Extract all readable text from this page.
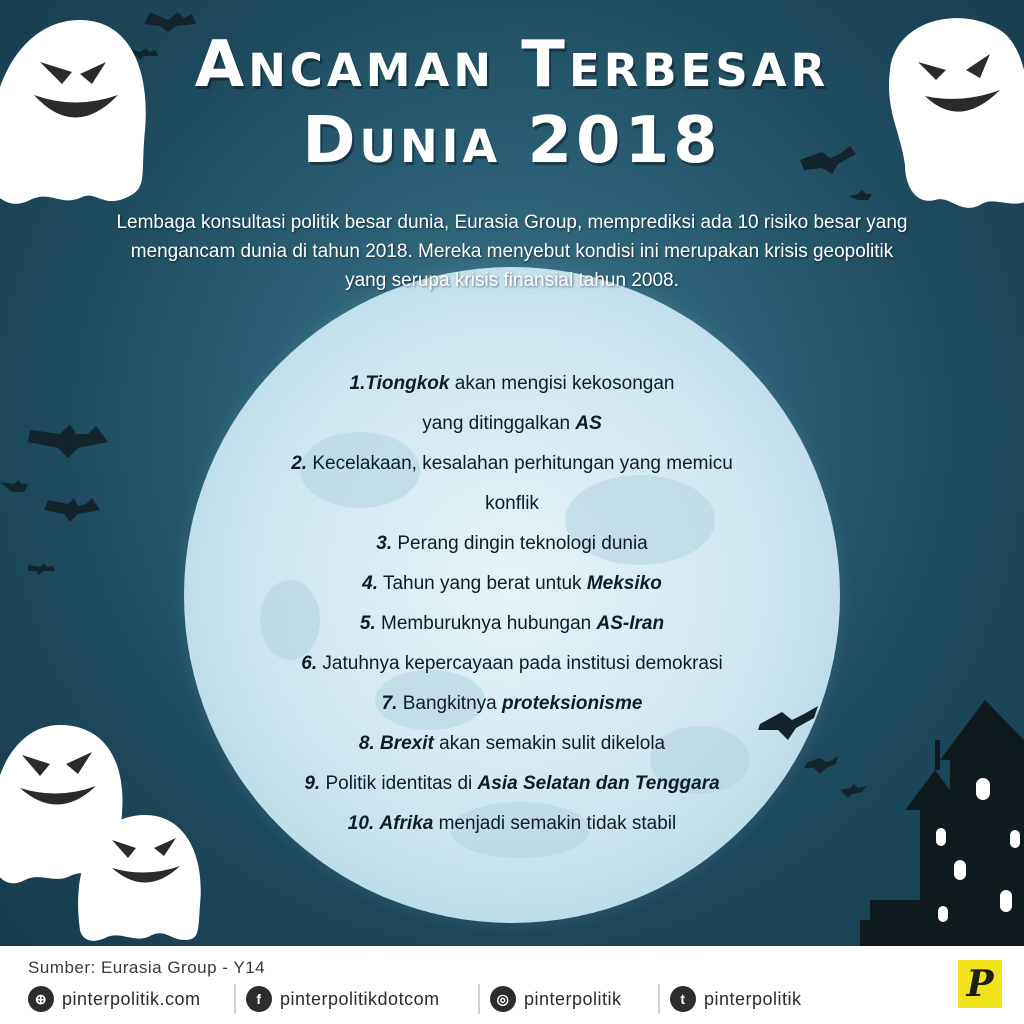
Ancaman Terbesar
Dunia 2018
Lembaga konsultasi politik besar dunia, Eurasia Group, memprediksi ada 10 risiko besar yang
mengancam dunia di tahun 2018. Mereka menyebut kondisi ini merupakan krisis geopolitik
yang serupa krisis finansial tahun 2008.
1.Tiongkok akan mengisi kekosongan
yang ditinggalkan AS
2. Kecelakaan, kesalahan perhitungan yang memicu
konflik
3. Perang dingin teknologi dunia
4. Tahun yang berat untuk Meksiko
5. Memburuknya hubungan AS-Iran
6. Jatuhnya kepercayaan pada institusi demokrasi
7. Bangkitnya proteksionisme
8. Brexit akan semakin sulit dikelola
9. Politik identitas di Asia Selatan dan Tenggara
10. Afrika menjadi semakin tidak stabil
Sumber: Eurasia Group - Y14
⊕ pinterpolitik.com	f	pinterpolitikdotcom	◎ pinterpolitik	t	pinterpolitik	P
